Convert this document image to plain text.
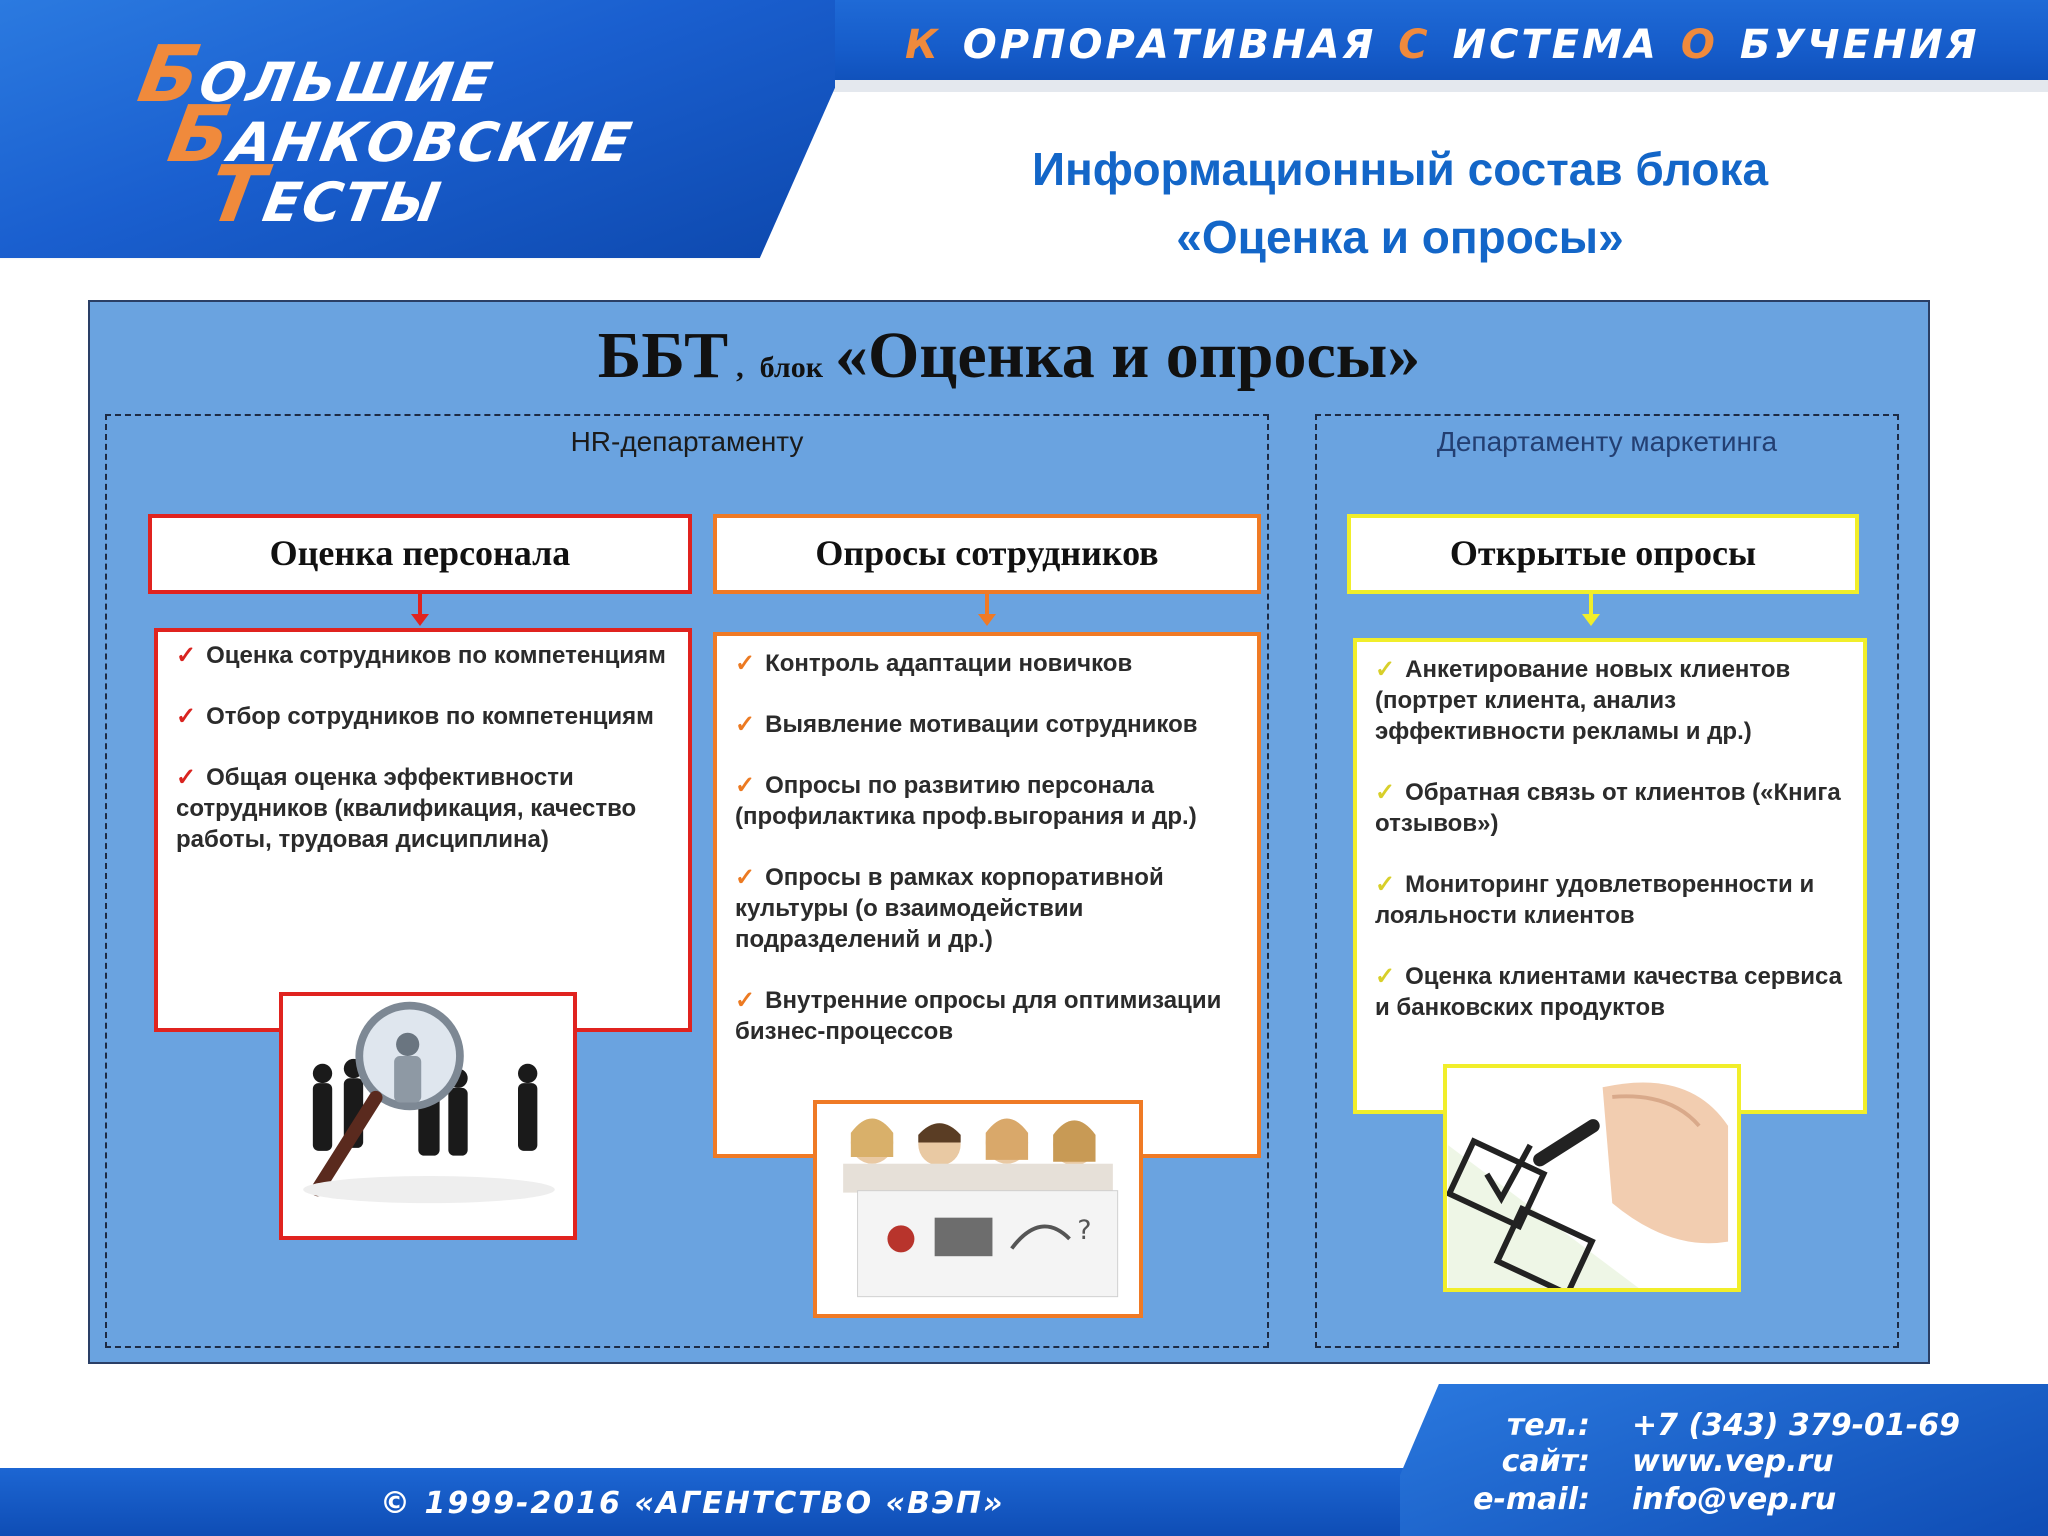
БОЛЬШИЕ
БАНКОВСКИЕ
ТЕСТЫ
К ОРПОРАТИВНАЯ С ИСТЕМА О БУЧЕНИЯ
Информационный состав блока
«Оценка и опросы»
ББТ , блок «Оценка и опросы»
HR-департаменту
Оценка персонала
✓ Оценка сотрудников по компетенциям
✓ Отбор сотрудников по компетенциям
✓ Общая оценка эффективности сотрудников (квалификация, качество работы, трудовая дисциплина)
Опросы сотрудников
✓ Контроль адаптации новичков
✓ Выявление мотивации сотрудников
✓ Опросы по развитию персонала (профилактика проф.выгорания и др.)
✓ Опросы в рамках корпоративной культуры (о взаимодействии подразделений и др.)
✓ Внутренние опросы для оптимизации бизнес-процессов
?
Департаменту маркетинга
Открытые опросы
✓ Анкетирование новых клиентов (портрет клиента, анализ эффективности рекламы и др.)
✓ Обратная связь от клиентов («Книга отзывов»)
✓ Мониторинг удовлетворенности и лояльности клиентов
✓ Оценка клиентами качества сервиса и банковских продуктов
© 1999-2016 «АГЕНТСТВО «ВЭП»
тел.: +7 (343) 379-01-69
сайт: www.vep.ru
e-mail: info@vep.ru
